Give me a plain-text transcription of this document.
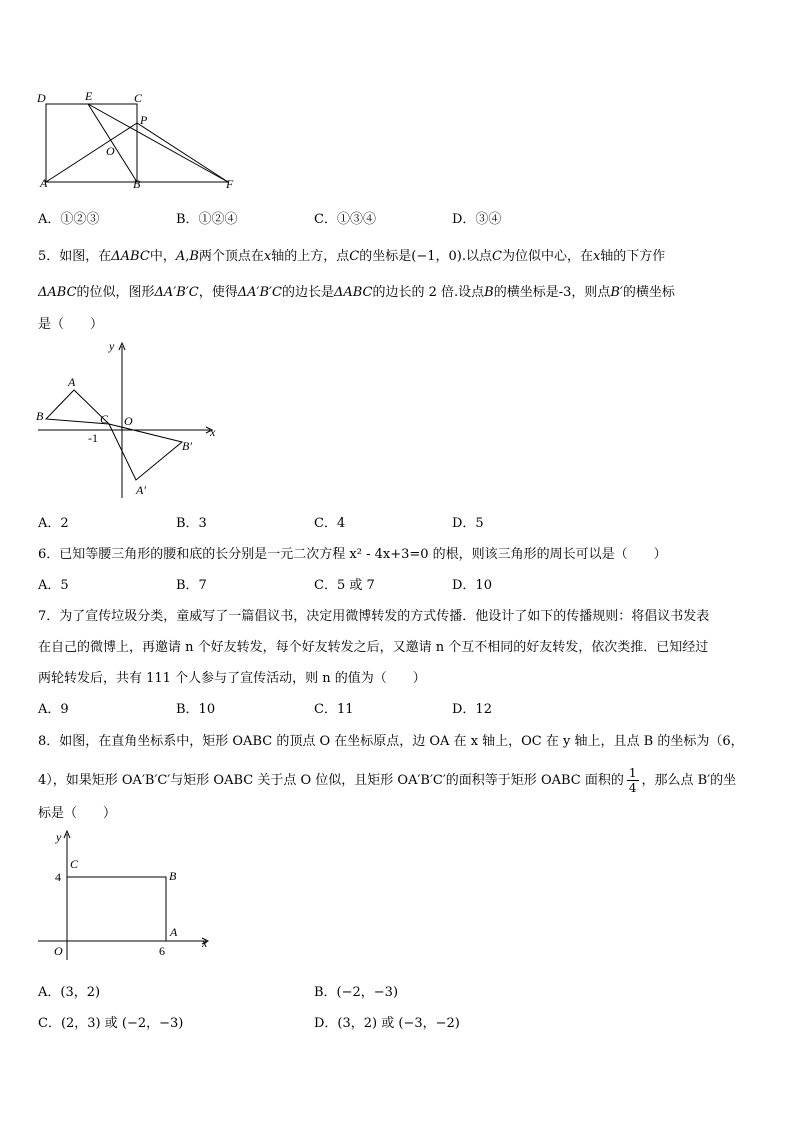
D	E	C
P
O
A	B	F
A．①②③	B．①②④	C．①③④	D．③④
5．如图，在ΔABC中，A,B两个顶点在x轴的上方，点C的坐标是(−1，0).以点C为位似中心，在x轴的下方作
ΔABC的位似，图形ΔA′B′C，使得ΔA′B′C的边长是ΔABC的边长的 2 倍.设点B的横坐标是-3，则点B′的横坐标
是（　　）
y
x
A
B	C O
-1
B′
A′
A．2	B．3	C．4	D．5
6．已知等腰三角形的腰和底的长分别是一元二次方程 x² - 4x+3=0 的根，则该三角形的周长可以是（　　）
A．5	B．7	C．5 或 7	D．10
7．为了宣传垃圾分类，童威写了一篇倡议书，决定用微博转发的方式传播．他设计了如下的传播规则：将倡议书发表
在自己的微博上，再邀请 n 个好友转发，每个好友转发之后，又邀请 n 个互不相同的好友转发，依次类推．已知经过
两轮转发后，共有 111 个人参与了宣传活动，则 n 的值为（　　）
A．9	B．10	C．11	D．12
8．如图，在直角坐标系中，矩形 OABC 的顶点 O 在坐标原点，边 OA 在 x 轴上，OC 在 y 轴上，且点 B 的坐标为（6，
4），如果矩形 OA′B′C′与矩形 OABC 关于点 O 位似，且矩形 OA′B′C′的面积等于矩形 OABC 面积的 $\frac{1}{4}$ ，那么点 B′的坐
标是（　　）
y
x
C
B
4
A
O	6
A．(3，2)	B．(−2，−3)
C．(2，3) 或 (−2，−3)	D．(3，2) 或 (−3，−2)
